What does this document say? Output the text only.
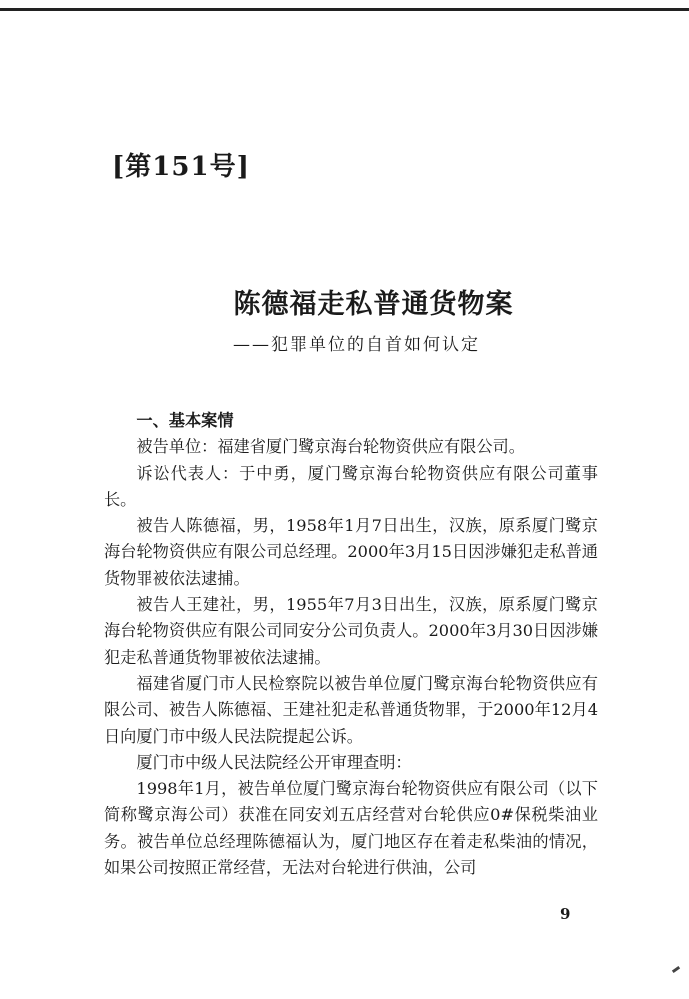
[第151号]
陈德福走私普通货物案
——犯罪单位的自首如何认定

一、基本案情

被告单位：福建省厦门鹭京海台轮物资供应有限公司。

诉讼代表人：于中勇，厦门鹭京海台轮物资供应有限公司董事长。

被告人陈德福，男，1958年1月7日出生，汉族，原系厦门鹭京海台轮物资供应有限公司总经理。2000年3月15日因涉嫌犯走私普通货物罪被依法逮捕。

被告人王建社，男，1955年7月3日出生，汉族，原系厦门鹭京海台轮物资供应有限公司同安分公司负责人。2000年3月30日因涉嫌犯走私普通货物罪被依法逮捕。

福建省厦门市人民检察院以被告单位厦门鹭京海台轮物资供应有限公司、被告人陈德福、王建社犯走私普通货物罪，于2000年12月4日向厦门市中级人民法院提起公诉。

厦门市中级人民法院经公开审理查明：

1998年1月，被告单位厦门鹭京海台轮物资供应有限公司（以下简称鹭京海公司）获准在同安刘五店经营对台轮供应0#保税柴油业务。被告单位总经理陈德福认为，厦门地区存在着走私柴油的情况，如果公司按照正常经营，无法对台轮进行供油，公司

9
